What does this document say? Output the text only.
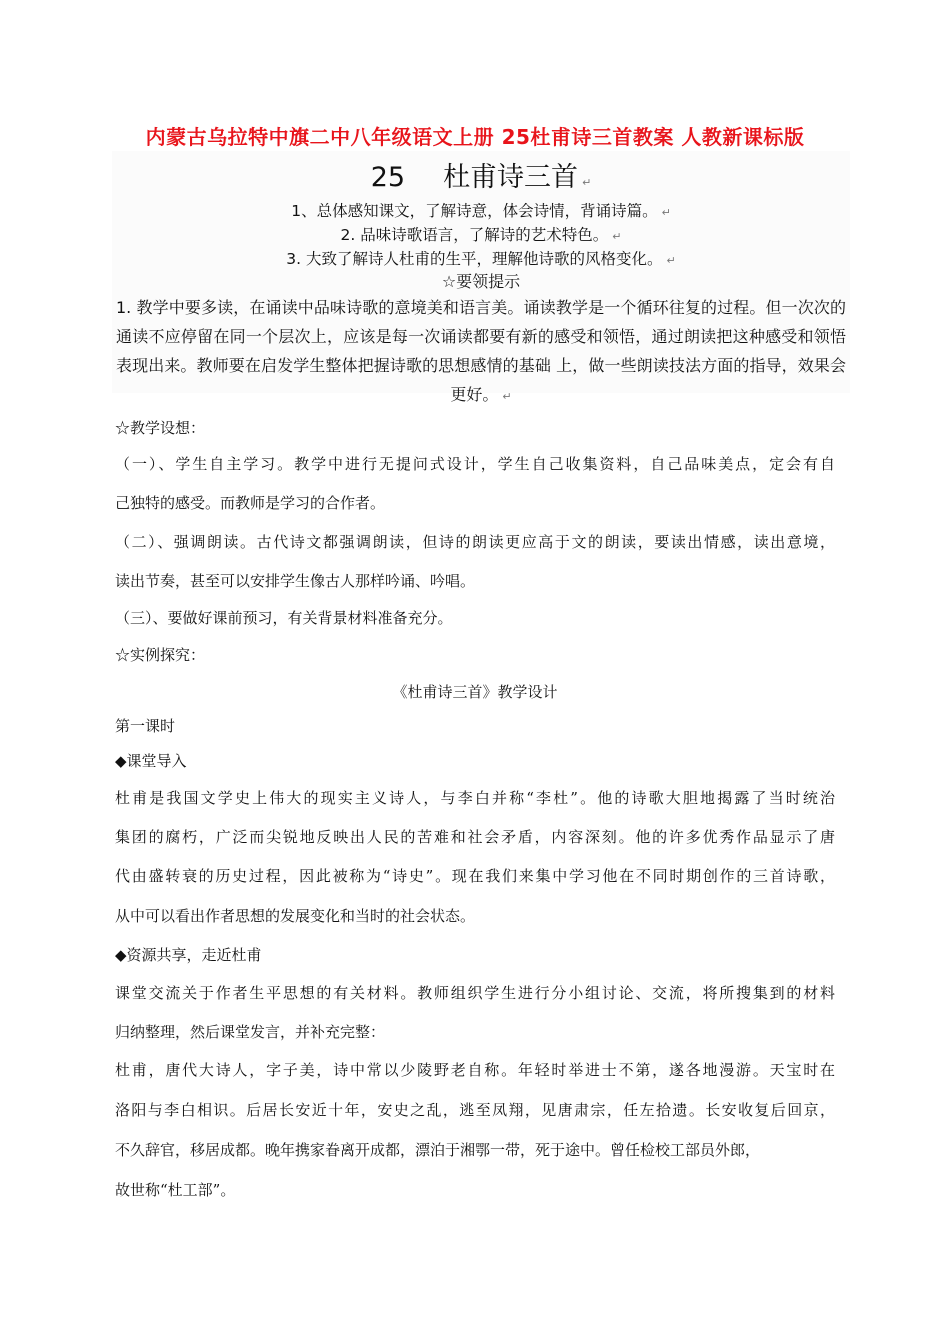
内蒙古乌拉特中旗二中八年级语文上册 25杜甫诗三首教案 人教新课标版
25 杜甫诗三首 ↵
1、总体感知课文，了解诗意，体会诗情，背诵诗篇。 ↵
2. 品味诗歌语言，了解诗的艺术特色。 ↵
3. 大致了解诗人杜甫的生平，理解他诗歌的风格变化。 ↵
☆要领提示
1. 教学中要多读，在诵读中品味诗歌的意境美和语言美。诵读教学是一个循环往复的过程。但一次次的通读不应停留在同一个层次上，应该是每一次诵读都要有新的感受和领悟，通过朗读把这种感受和领悟表现出来。教师要在启发学生整体把握诗歌的思想感情的基础 上，做一些朗读技法方面的指导，效果会更好。 ↵
☆教学设想：
（一）、学生自主学习。教学中进行无提问式设计，学生自己收集资料，自己品味美点，定会有自
己独特的感受。而教师是学习的合作者。
（二）、强调朗读。古代诗文都强调朗读，但诗的朗读更应高于文的朗读，要读出情感，读出意境，
读出节奏，甚至可以安排学生像古人那样吟诵、吟唱。
（三）、要做好课前预习，有关背景材料准备充分。
☆实例探究：
《杜甫诗三首》教学设计
第一课时
◆课堂导入
杜甫是我国文学史上伟大的现实主义诗人，与李白并称“李杜”。他的诗歌大胆地揭露了当时统治
集团的腐朽，广泛而尖锐地反映出人民的苦难和社会矛盾，内容深刻。他的许多优秀作品显示了唐
代由盛转衰的历史过程，因此被称为“诗史”。现在我们来集中学习他在不同时期创作的三首诗歌，
从中可以看出作者思想的发展变化和当时的社会状态。
◆资源共享，走近杜甫
课堂交流关于作者生平思想的有关材料。教师组织学生进行分小组讨论、交流，将所搜集到的材料
归纳整理，然后课堂发言，并补充完整：
杜甫，唐代大诗人，字子美，诗中常以少陵野老自称。年轻时举进士不第，遂各地漫游。天宝时在
洛阳与李白相识。后居长安近十年，安史之乱，逃至凤翔，见唐肃宗，任左拾遗。长安收复后回京，
不久辞官，移居成都。晚年携家眷离开成都，漂泊于湘鄂一带，死于途中。曾任检校工部员外郎，
故世称“杜工部”。
